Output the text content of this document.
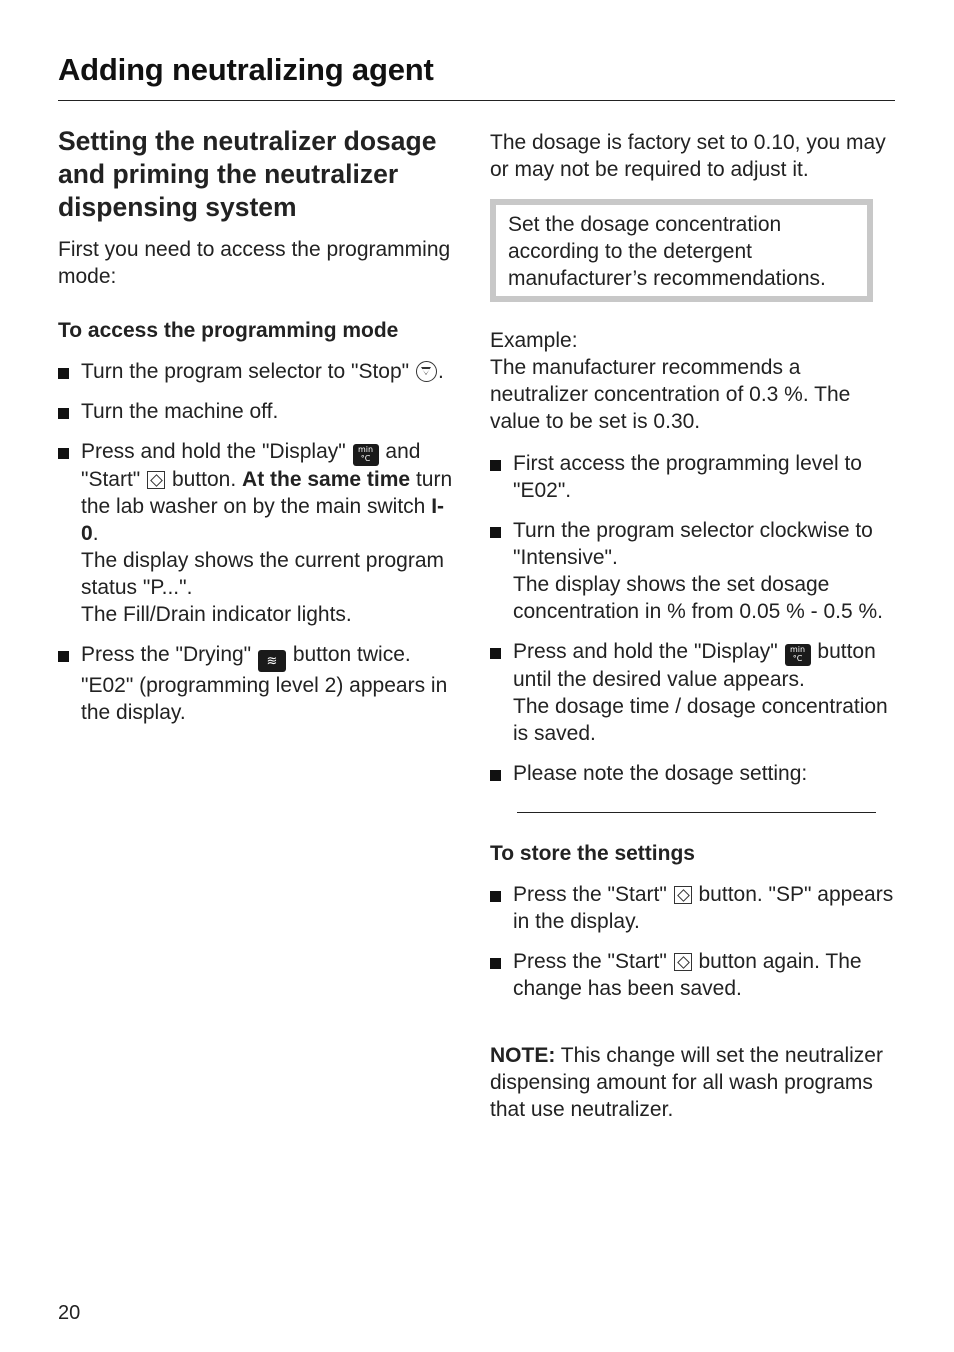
Adding neutralizing agent
Setting the neutralizer dosage and priming the neutralizer dispensing system

First you need to access the programming mode:

To access the programming mode

Turn the program selector to "Stop" .
Turn the machine off.
Press and hold the "Display"	min
°C and "Start" button. At the same time turn the lab washer on by the main switch I-0.
The display shows the current program status "P...".
The Fill/Drain indicator lights.
Press the "Drying" ≋ button twice. "E02" (programming level 2) appears in the display.

The dosage is factory set to 0.10, you may or may not be required to adjust it.

Set the dosage concentration according to the detergent manufacturer’s recommendations.

Example:

The manufacturer recommends a neutralizer concentration of 0.3 %. The value to be set is 0.30.

First access the programming level to "E02".
Turn the program selector clockwise to "Intensive".
The display shows the set dosage concentration in % from 0.05 % - 0.5 %.
Press and hold the "Display"	min
°C button until the desired value appears.
The dosage time / dosage concentration is saved.
Please note the dosage setting:

To store the settings

Press the "Start" button. "SP" appears in the display.
Press the "Start" button again. The change has been saved.

NOTE: This change will set the neutralizer dispensing amount for all wash programs that use neutralizer.

20
